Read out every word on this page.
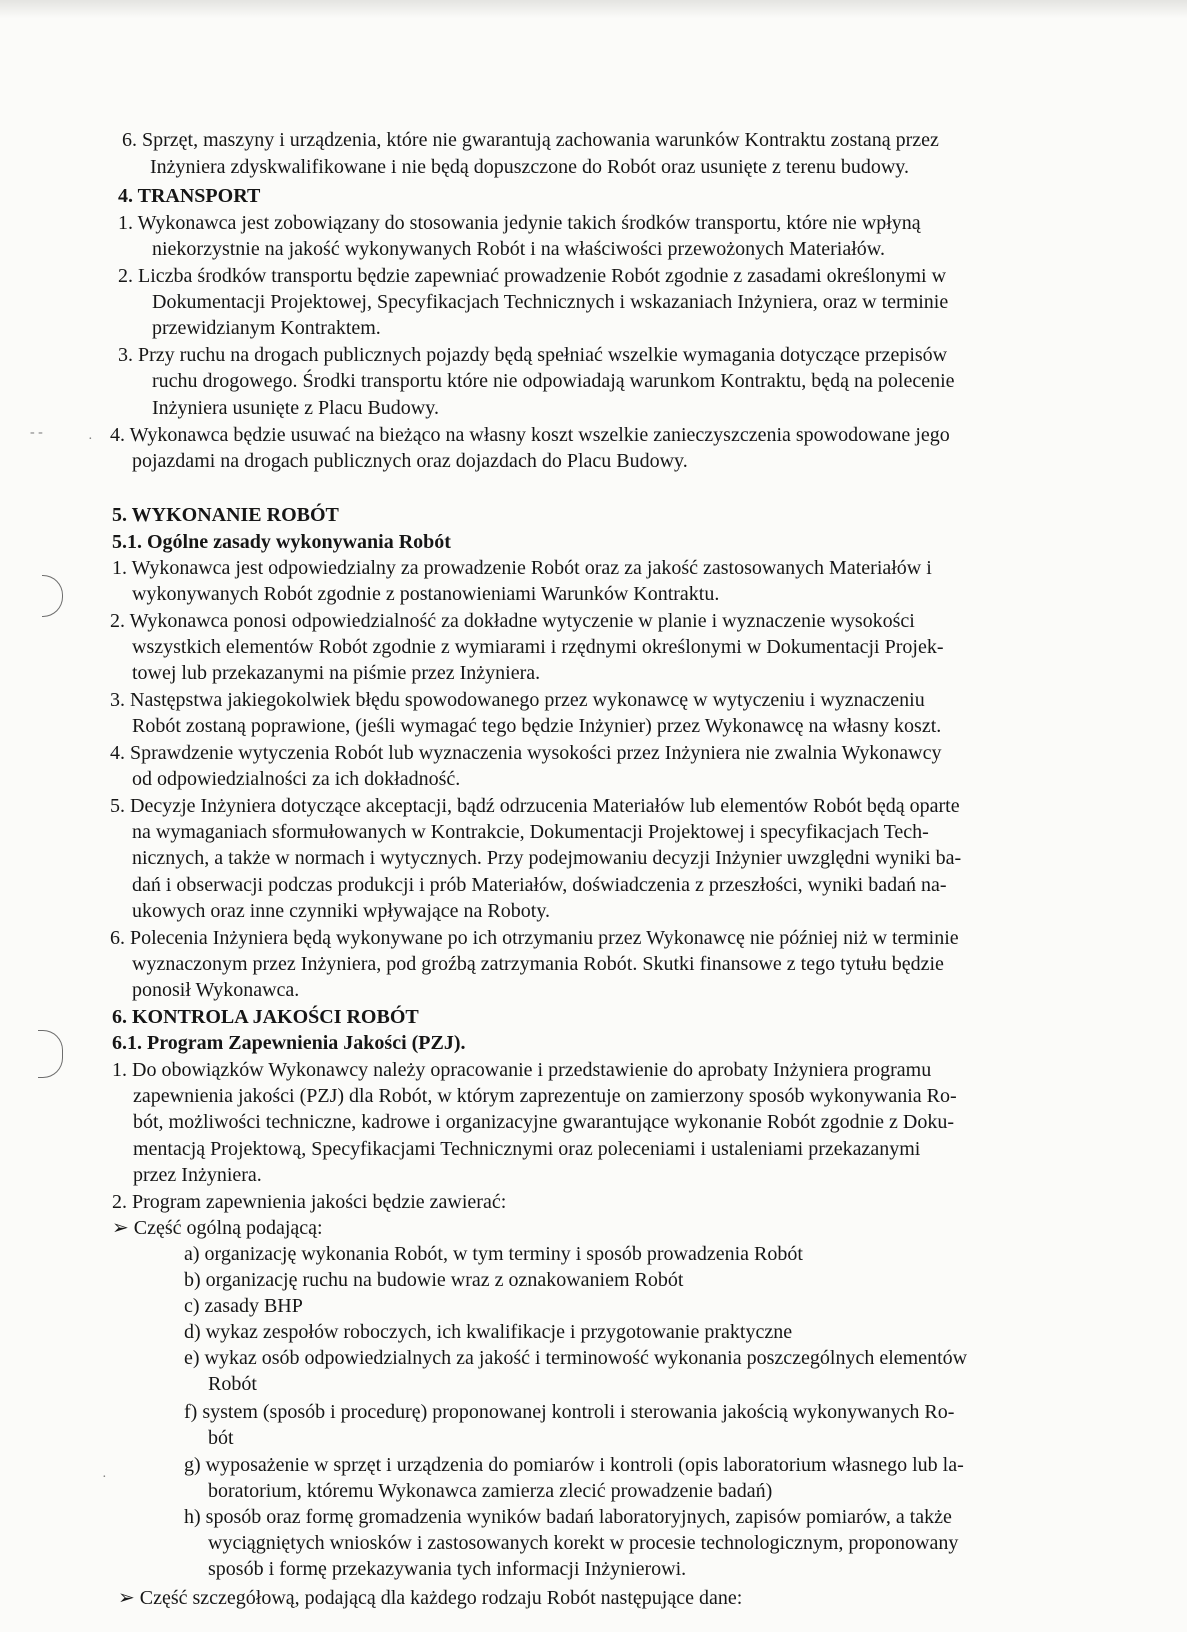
- -	·
·
6. Sprzęt, maszyny i urządzenia, które nie gwarantują zachowania warunków Kontraktu zostaną przez
Inżyniera zdyskwalifikowane i nie będą dopuszczone do Robót oraz usunięte z terenu budowy.
4. TRANSPORT
1. Wykonawca jest zobowiązany do stosowania jedynie takich środków transportu, które nie wpłyną
niekorzystnie na jakość wykonywanych Robót i na właściwości przewożonych Materiałów.
2. Liczba środków transportu będzie zapewniać prowadzenie Robót zgodnie z zasadami określonymi w
Dokumentacji Projektowej, Specyfikacjach Technicznych i wskazaniach Inżyniera, oraz w terminie
przewidzianym Kontraktem.
3. Przy ruchu na drogach publicznych pojazdy będą spełniać wszelkie wymagania dotyczące przepisów
ruchu drogowego. Środki transportu które nie odpowiadają warunkom Kontraktu, będą na polecenie
Inżyniera usunięte z Placu Budowy.
4. Wykonawca będzie usuwać na bieżąco na własny koszt wszelkie zanieczyszczenia spowodowane jego
pojazdami na drogach publicznych oraz dojazdach do Placu Budowy.
5. WYKONANIE ROBÓT
5.1. Ogólne zasady wykonywania Robót
1. Wykonawca jest odpowiedzialny za prowadzenie Robót oraz za jakość zastosowanych Materiałów i
wykonywanych Robót zgodnie z postanowieniami Warunków Kontraktu.
2. Wykonawca ponosi odpowiedzialność za dokładne wytyczenie w planie i wyznaczenie wysokości
wszystkich elementów Robót zgodnie z wymiarami i rzędnymi określonymi w Dokumentacji Projek-
towej lub przekazanymi na piśmie przez Inżyniera.
3. Następstwa jakiegokolwiek błędu spowodowanego przez wykonawcę w wytyczeniu i wyznaczeniu
Robót zostaną poprawione, (jeśli wymagać tego będzie Inżynier) przez Wykonawcę na własny koszt.
4. Sprawdzenie wytyczenia Robót lub wyznaczenia wysokości przez Inżyniera nie zwalnia Wykonawcy
od odpowiedzialności za ich dokładność.
5. Decyzje Inżyniera dotyczące akceptacji, bądź odrzucenia Materiałów lub elementów Robót będą oparte
na wymaganiach sformułowanych w Kontrakcie, Dokumentacji Projektowej i specyfikacjach Tech-
nicznych, a także w normach i wytycznych. Przy podejmowaniu decyzji Inżynier uwzględni wyniki ba-
dań i obserwacji podczas produkcji i prób Materiałów, doświadczenia z przeszłości, wyniki badań na-
ukowych oraz inne czynniki wpływające na Roboty.
6. Polecenia Inżyniera będą wykonywane po ich otrzymaniu przez Wykonawcę nie później niż w terminie
wyznaczonym przez Inżyniera, pod groźbą zatrzymania Robót. Skutki finansowe z tego tytułu będzie
ponosił Wykonawca.
6. KONTROLA JAKOŚCI ROBÓT
6.1. Program Zapewnienia Jakości (PZJ).
1. Do obowiązków Wykonawcy należy opracowanie i przedstawienie do aprobaty Inżyniera programu
zapewnienia jakości (PZJ) dla Robót, w którym zaprezentuje on zamierzony sposób wykonywania Ro-
bót, możliwości techniczne, kadrowe i organizacyjne gwarantujące wykonanie Robót zgodnie z Doku-
mentacją Projektową, Specyfikacjami Technicznymi oraz poleceniami i ustaleniami przekazanymi
przez Inżyniera.
2. Program zapewnienia jakości będzie zawierać:
➢ Część ogólną podającą:
a) organizację wykonania Robót, w tym terminy i sposób prowadzenia Robót
b) organizację ruchu na budowie wraz z oznakowaniem Robót
c) zasady BHP
d) wykaz zespołów roboczych, ich kwalifikacje i przygotowanie praktyczne
e) wykaz osób odpowiedzialnych za jakość i terminowość wykonania poszczególnych elementów
Robót
f) system (sposób i procedurę) proponowanej kontroli i sterowania jakością wykonywanych Ro-
bót
g) wyposażenie w sprzęt i urządzenia do pomiarów i kontroli (opis laboratorium własnego lub la-
boratorium, któremu Wykonawca zamierza zlecić prowadzenie badań)
h) sposób oraz formę gromadzenia wyników badań laboratoryjnych, zapisów pomiarów, a także
wyciągniętych wniosków i zastosowanych korekt w procesie technologicznym, proponowany
sposób i formę przekazywania tych informacji Inżynierowi.
➢ Część szczegółową, podającą dla każdego rodzaju Robót następujące dane:
